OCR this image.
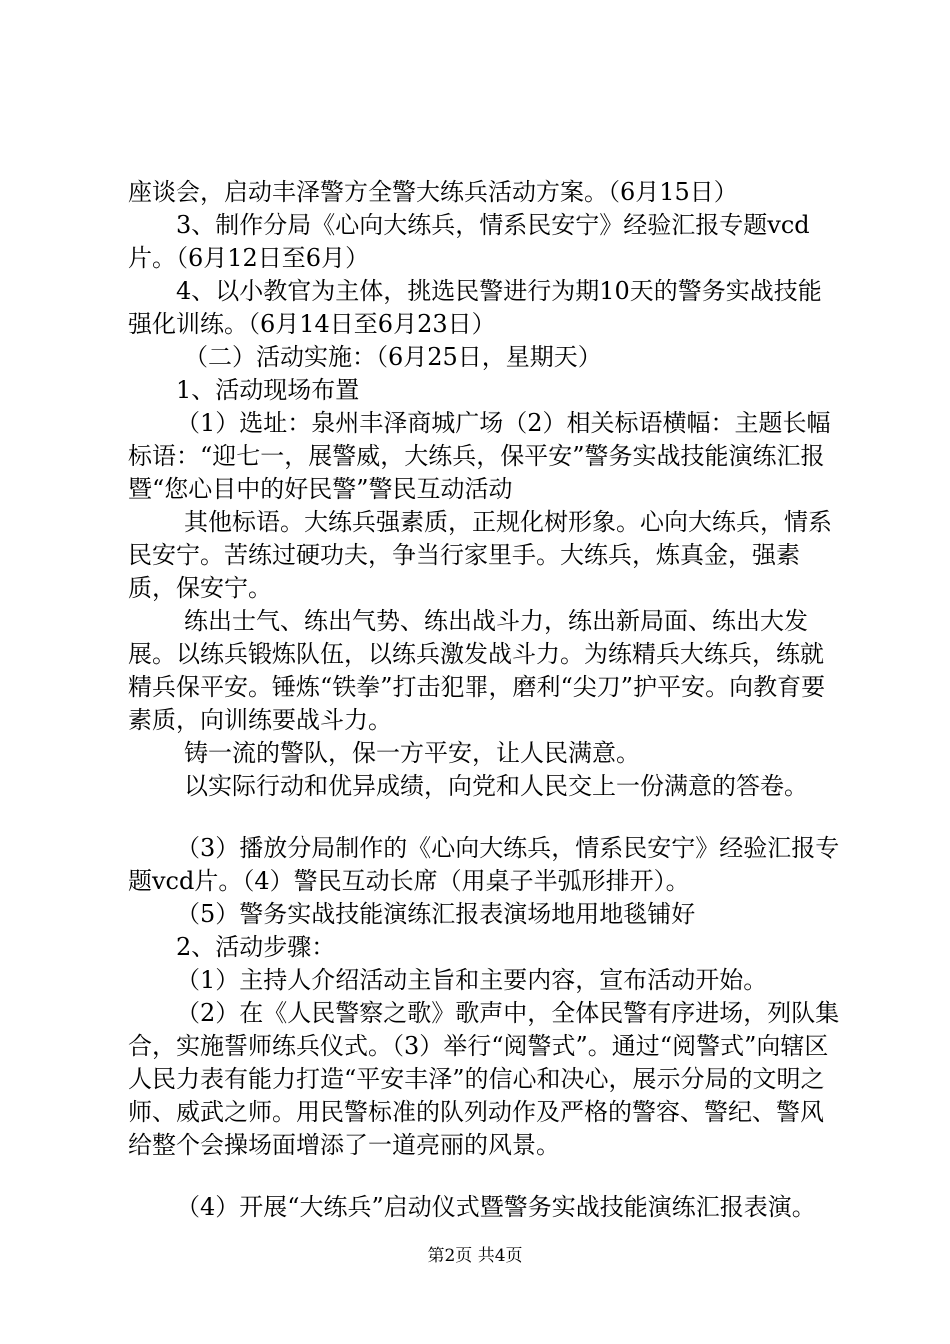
座谈会，启动丰泽警方全警大练兵活动方案。（6月15日）

3、制作分局《心向大练兵，情系民安宁》经验汇报专题vcd片。（6月12日至6月）

4、以小教官为主体，挑选民警进行为期10天的警务实战技能强化训练。（6月14日至6月23日）

（二）活动实施：（6月25日，星期天）

1、活动现场布置

（1）选址：泉州丰泽商城广场（2）相关标语横幅：主题长幅标语：“迎七一，展警威，大练兵，保平安”警务实战技能演练汇报暨“您心目中的好民警”警民互动活动

其他标语。大练兵强素质，正规化树形象。心向大练兵，情系民安宁。苦练过硬功夫，争当行家里手。大练兵，炼真金，强素质，保安宁。

练出士气、练出气势、练出战斗力，练出新局面、练出大发展。以练兵锻炼队伍，以练兵激发战斗力。为练精兵大练兵，练就精兵保平安。锤炼“铁拳”打击犯罪，磨利“尖刀”护平安。向教育要素质，向训练要战斗力。

铸一流的警队，保一方平安，让人民满意。

以实际行动和优异成绩，向党和人民交上一份满意的答卷。

（3）播放分局制作的《心向大练兵，情系民安宁》经验汇报专题vcd片。（4）警民互动长席（用桌子半弧形排开）。

（5）警务实战技能演练汇报表演场地用地毯铺好

2、活动步骤：

（1）主持人介绍活动主旨和主要内容，宣布活动开始。

（2）在《人民警察之歌》歌声中，全体民警有序进场，列队集合，实施誓师练兵仪式。（3）举行“阅警式”。通过“阅警式”向辖区人民力表有能力打造“平安丰泽”的信心和决心，展示分局的文明之师、威武之师。用民警标准的队列动作及严格的警容、警纪、警风给整个会操场面增添了一道亮丽的风景。

（4）开展“大练兵”启动仪式暨警务实战技能演练汇报表演。

第2页 共4页
